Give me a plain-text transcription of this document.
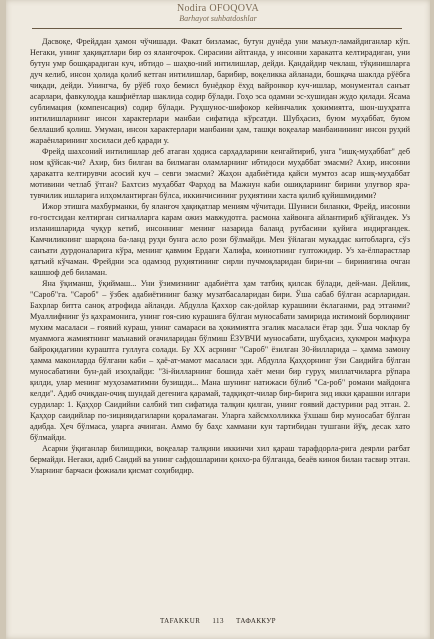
Nodira OFOQOVA
Barhayot suhbatdoshlar

Дасвоқе, Фрейддан ҳамон чўчишади. Факат бизламас, бутун дунёда уни маъкул-ламайдиганлар кўп. Негаки, унинг ҳақиқатлари бир оз яланғочрок. Сирасини айтганда, у инсонни харакатга келтирадиган, уни бутун умр бошқарадиган куч, ибтидо – шаҳво-ний интилишлар, дейди. Қандайдир чеклаш, тўқинишларга дуч келиб, инсон ҳолида қолиб кетган интилишлар, барибир, воқеликка айланади, бошқача шаклда рўёбга чиқади, дейди. Унингча, бу рўёб гоҳо бемисл бунёдкор ёхуд вайронкор куч-ишлар, монументал санъат асарлари, фавкулодда кашфиётлар шаклида содир бўлади. Гоҳо эса одамни эс-хушидан жудо қилади. Ясама сублимация (компенсация) содир бўлади. Руҳшунос-шифокор кейинчалик ҳокимиятга, шон-шуҳратга интилишларнинг инсон характерлари манбаи сифатида кўрсатди. Шубҳасиз, буюм муҳаббат, буюм беллашиб қолиш. Умуман, инсон характерлари манбаини ҳам, ташқи воқеалар манбаинининг инсон руҳий жараёнларининг хосилаcи деб қаради у.

Фрейд шахсоний интилишлар деб атаган ҳодиса сарҳадларини кенгайтириб, унга "ишқ-муҳаббат" деб ном қўйсак-чи? Ахир, биз билган ва билмаган оламларнинг ибтидоси муҳаббат эмасми? Ахир, инсонни ҳаракатга келтирувчи асосий куч – севги эмасми? Жаҳон адабиётида қайси мумтоз асар ишқ-муҳаббат мотивини четлаб ўтган? Бахтсиз муҳаббат Фарҳод ва Мажнун каби ошиқларнинг бирини улуғвор яра-тувчилик ишларига илҳомлантирган бўлса, иккинчисининг руҳиятини хаста қилиб қуйишмидими?

Ижор этишга махбурманки, бу яланғоч ҳақиқатлар мениям чўчитади. Шуниси биланки, Фрейд, инсонни ғо-гостсидан келтирган сигналларга карам ожиз мавжудотга. расмона хайвонга айлантириб қўйгандек. Уз изланишларида чуқур кетиб, инсоннинг менинг назарида баланд рутбасини қуйига индиргандек. Камчиликнинг шарқона ба-ланд руҳи бунга асло рози бўлмайди. Мен ўйлаган мукаддас китобларга, сўз санъати дурдоналарига кўра, менинг қавмим Ердаги Халифа, коинотнинг гултожидир. Уз ха-ёлпарастлар қатъий кўчаман. Фрейдни эса одамзод руҳиятининг сирли пучмоқларидан бири-ни – биринигина очган кашшоф деб биламан.

Яна ўқиманш, ўқиймаш... Уни ўзимизнинг адабиётга ҳам татбиқ қилсак бўлади, дей-ман. Дейлик, "Сароб"га. "Сароб" – ўзбек адабиётининг базқу музатбасаларидан бири. Ўша сабаб бўлган асарларидан. Бахрлар битта саноқ атрофида айланди. Абдулла Қаххор сак-дойлар курашини ёклаганми, рад этганми? Муаллифнинг ўз қахрамонига, унинг гоя-сию курашига бўлган муносабати замирида иктимоий борлиқнинг мухим масаласи – ғоявий кураш, унинг самараси ва ҳокимиятга эгалик масаласи ётар эди. Ўша чоклар бу муаммога жамиятнинг маънавий оғачиларидан бўлмиш ЁЗУВЧИ муносабати, шубҳасиз, ҳукмрон мафкура байроқидагини кураштга гуллуга солади. Бу ХХ асрнинг "Сароб" ёзилган 30-йилларида – ҳамма замону ҳамма маконларда бўлгани каби – ҳаё-ат-мамот масаласи эди. Абдулла Қаҳҳорнинг ўзи Саидийга бўлган муносабатини бун-дай изоҳлайди: "3i-йилларнинг бошида хаёт мени бир гуруҳ миллатчиларга рўпара қилди, улар менинг муҳозаматимни бузишди... Мана шунинг натижаси бўлиб "Са-роб" романи майдонга келди". Адиб очиқдан-очиқ шундай дегенига қарамай, тадқиқот-чилар бир-бирига зид икки қарашни илгари сурдилар: 1. Қаҳҳор Саидийни салбий тип сифатида талқин қилган, унинг ғоявий дастурини рад этган. 2. Қаҳҳор саидийлар по-зицияидагиларни қораламаган. Уларга хайсмхолликка ўхшаш бир муносабат бўлган адибда. Ҳеч бўлмаса, уларга ачинган. Аммо бу баҳс хаммани кун тартибидан тушгани йўқ, десак хато бўлмайди.

Асарни ўқиганлар билишдики, воқеалар талқини иккинчи хил қараш тарафдорла-рига деярли рағбат бермайди. Негаки, адиб Саидий ва унинг сафдошларини қонхо-ра бўлганда, беаёв киноя билан тасвир этган. Уларнинг барчаси фожиали қисмат соҳибидир.

TAFAKKUR 113 ТАФАККУР
